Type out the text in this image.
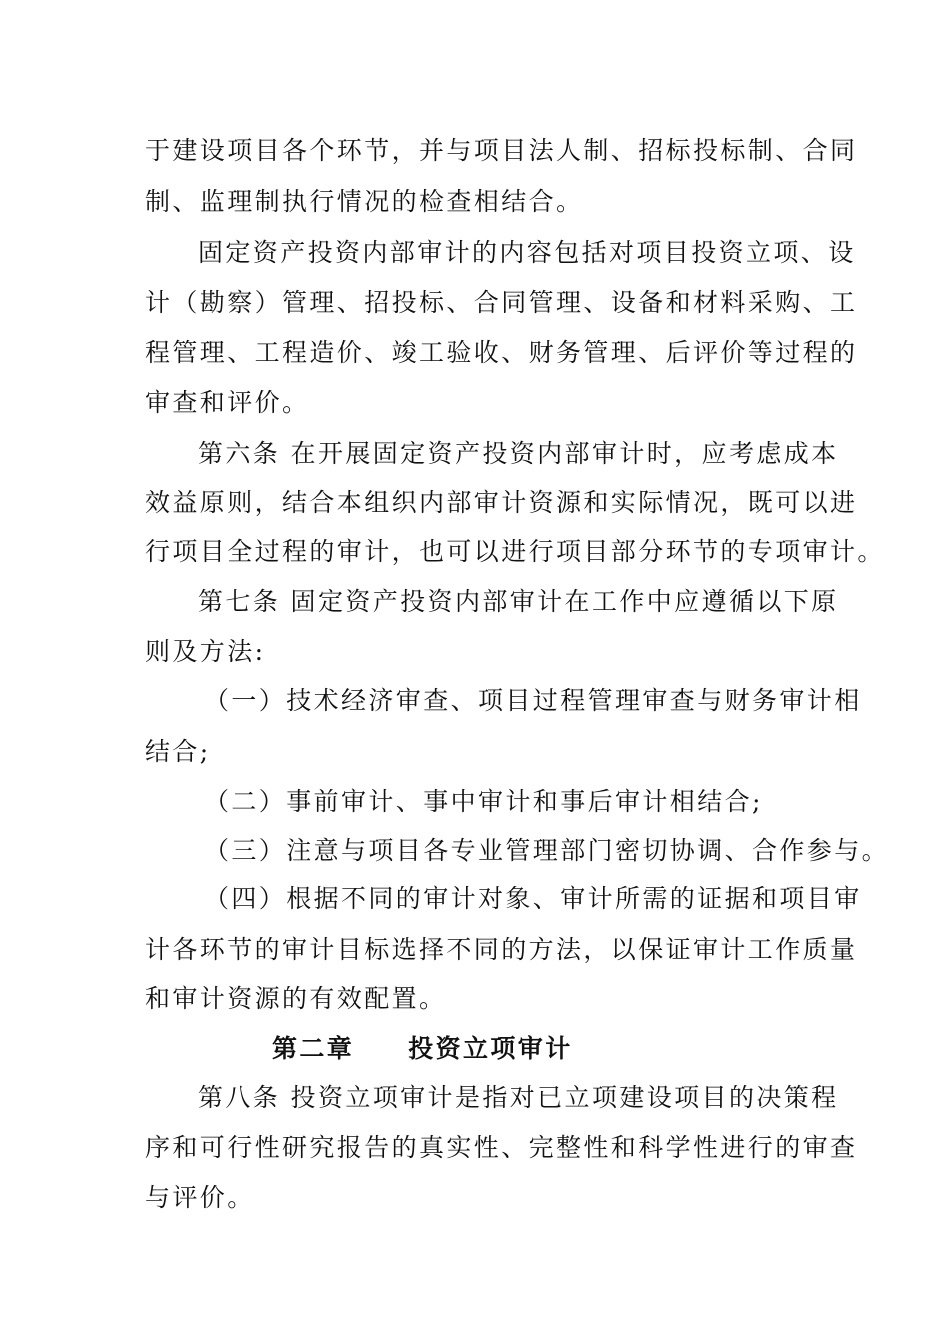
于建设项目各个环节，并与项目法人制、招标投标制、合同
制、监理制执行情况的检查相结合。
固定资产投资内部审计的内容包括对项目投资立项、设
计（勘察）管理、招投标、合同管理、设备和材料采购、工
程管理、工程造价、竣工验收、财务管理、后评价等过程的
审查和评价。
第六条 在开展固定资产投资内部审计时，应考虑成本
效益原则，结合本组织内部审计资源和实际情况，既可以进
行项目全过程的审计，也可以进行项目部分环节的专项审计。
第七条 固定资产投资内部审计在工作中应遵循以下原
则及方法:
（一）技术经济审查、项目过程管理审查与财务审计相
结合;
（二）事前审计、事中审计和事后审计相结合;
（三）注意与项目各专业管理部门密切协调、合作参与。
（四）根据不同的审计对象、审计所需的证据和项目审
计各环节的审计目标选择不同的方法，以保证审计工作质量
和审计资源的有效配置。
第二章 投资立项审计
第八条 投资立项审计是指对已立项建设项目的决策程
序和可行性研究报告的真实性、完整性和科学性进行的审查
与评价。
